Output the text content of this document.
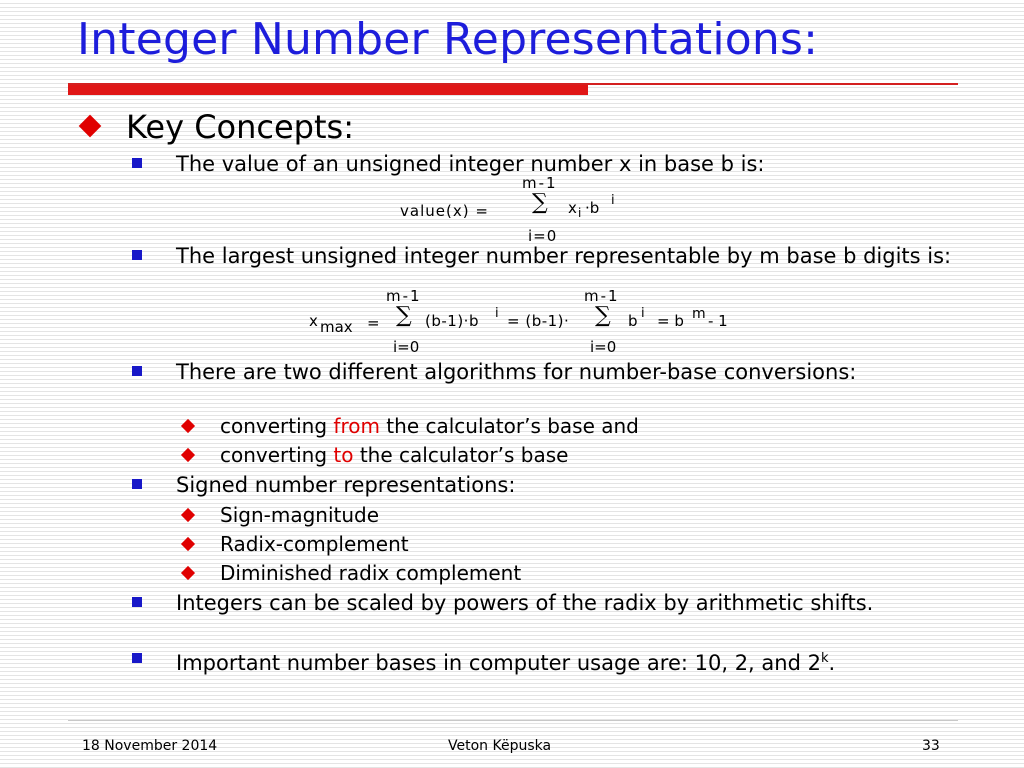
Integer Number Representations:
Key Concepts:
The value of an unsigned integer number x in base b is:
value(x) =
m-1
∑
i=0
x i ·b i
The largest unsigned integer number representable by m base b digits is:
x max =
m-1
∑
i=0
(b-1)·b i = (b-1)·
m-1
∑
i=0
b i = b m - 1
There are two different algorithms for number-base conversions:
converting from the calculator’s base and
converting to the calculator’s base
Signed number representations:
Sign-magnitude
Radix-complement
Diminished radix complement
Integers can be scaled by powers of the radix by arithmetic shifts.
Important number bases in computer usage are: 10, 2, and 2$^k$.
18 November 2014	Veton Këpuska	33
